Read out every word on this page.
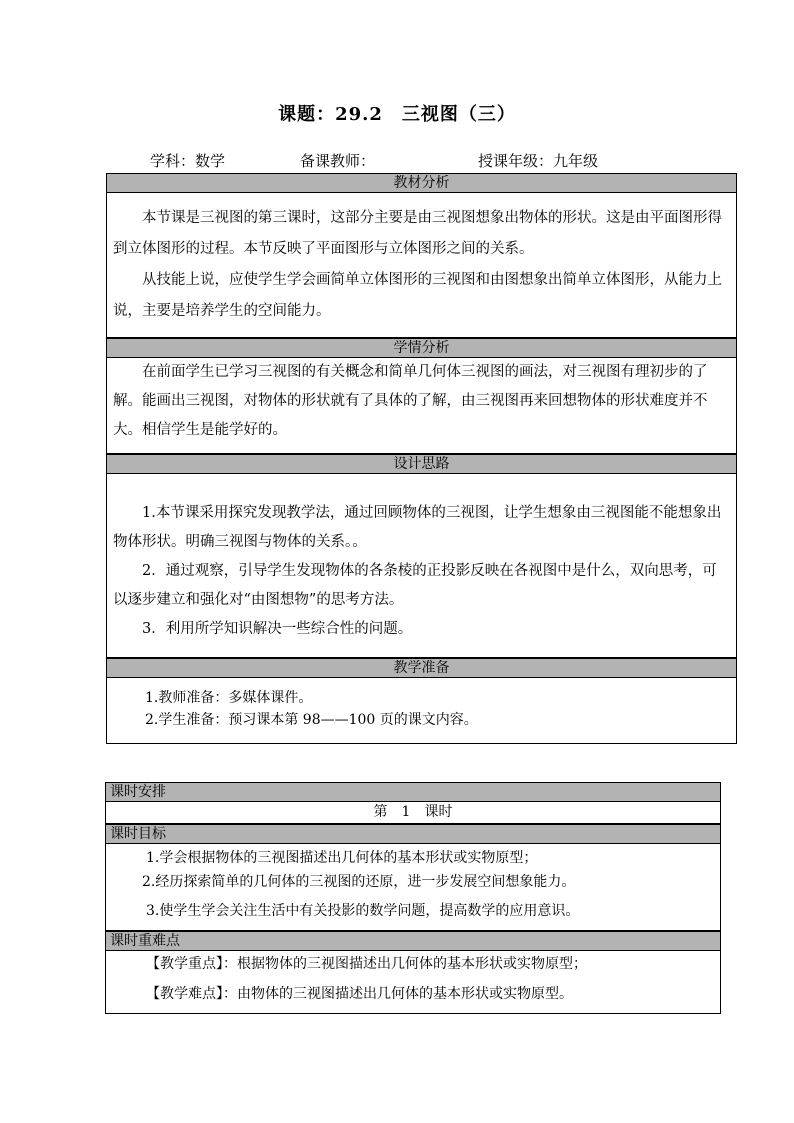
课题：29.2　三视图（三）
学科：数学	备课教师：	授课年级：九年级
教材分析

本节课是三视图的第三课时，这部分主要是由三视图想象出物体的形状。这是由平面图形得到立体图形的过程。本节反映了平面图形与立体图形之间的关系。

从技能上说，应使学生学会画简单立体图形的三视图和由图想象出简单立体图形，从能力上说，主要是培养学生的空间能力。

学情分析

在前面学生已学习三视图的有关概念和简单几何体三视图的画法，对三视图有理初步的了解。能画出三视图，对物体的形状就有了具体的了解，由三视图再来回想物体的形状难度并不大。相信学生是能学好的。

设计思路

1.本节课采用探究发现教学法，通过回顾物体的三视图，让学生想象由三视图能不能想象出物体形状。明确三视图与物体的关系。。

2．通过观察，引导学生发现物体的各条棱的正投影反映在各视图中是什么，双向思考，可以逐步建立和强化对“由图想物”的思考方法。

3．利用所学知识解决一些综合性的问题。

教学准备

1.教师准备：多媒体课件。

2.学生准备：预习课本第 98——100 页的课文内容。

课时安排
第　1　课时
课时目标

1.学会根据物体的三视图描述出几何体的基本形状或实物原型；

2.经历探索简单的几何体的三视图的还原，进一步发展空间想象能力。

3.使学生学会关注生活中有关投影的数学问题，提高数学的应用意识。

课时重难点

【教学重点】：根据物体的三视图描述出几何体的基本形状或实物原型；

【教学难点】：由物体的三视图描述出几何体的基本形状或实物原型。
